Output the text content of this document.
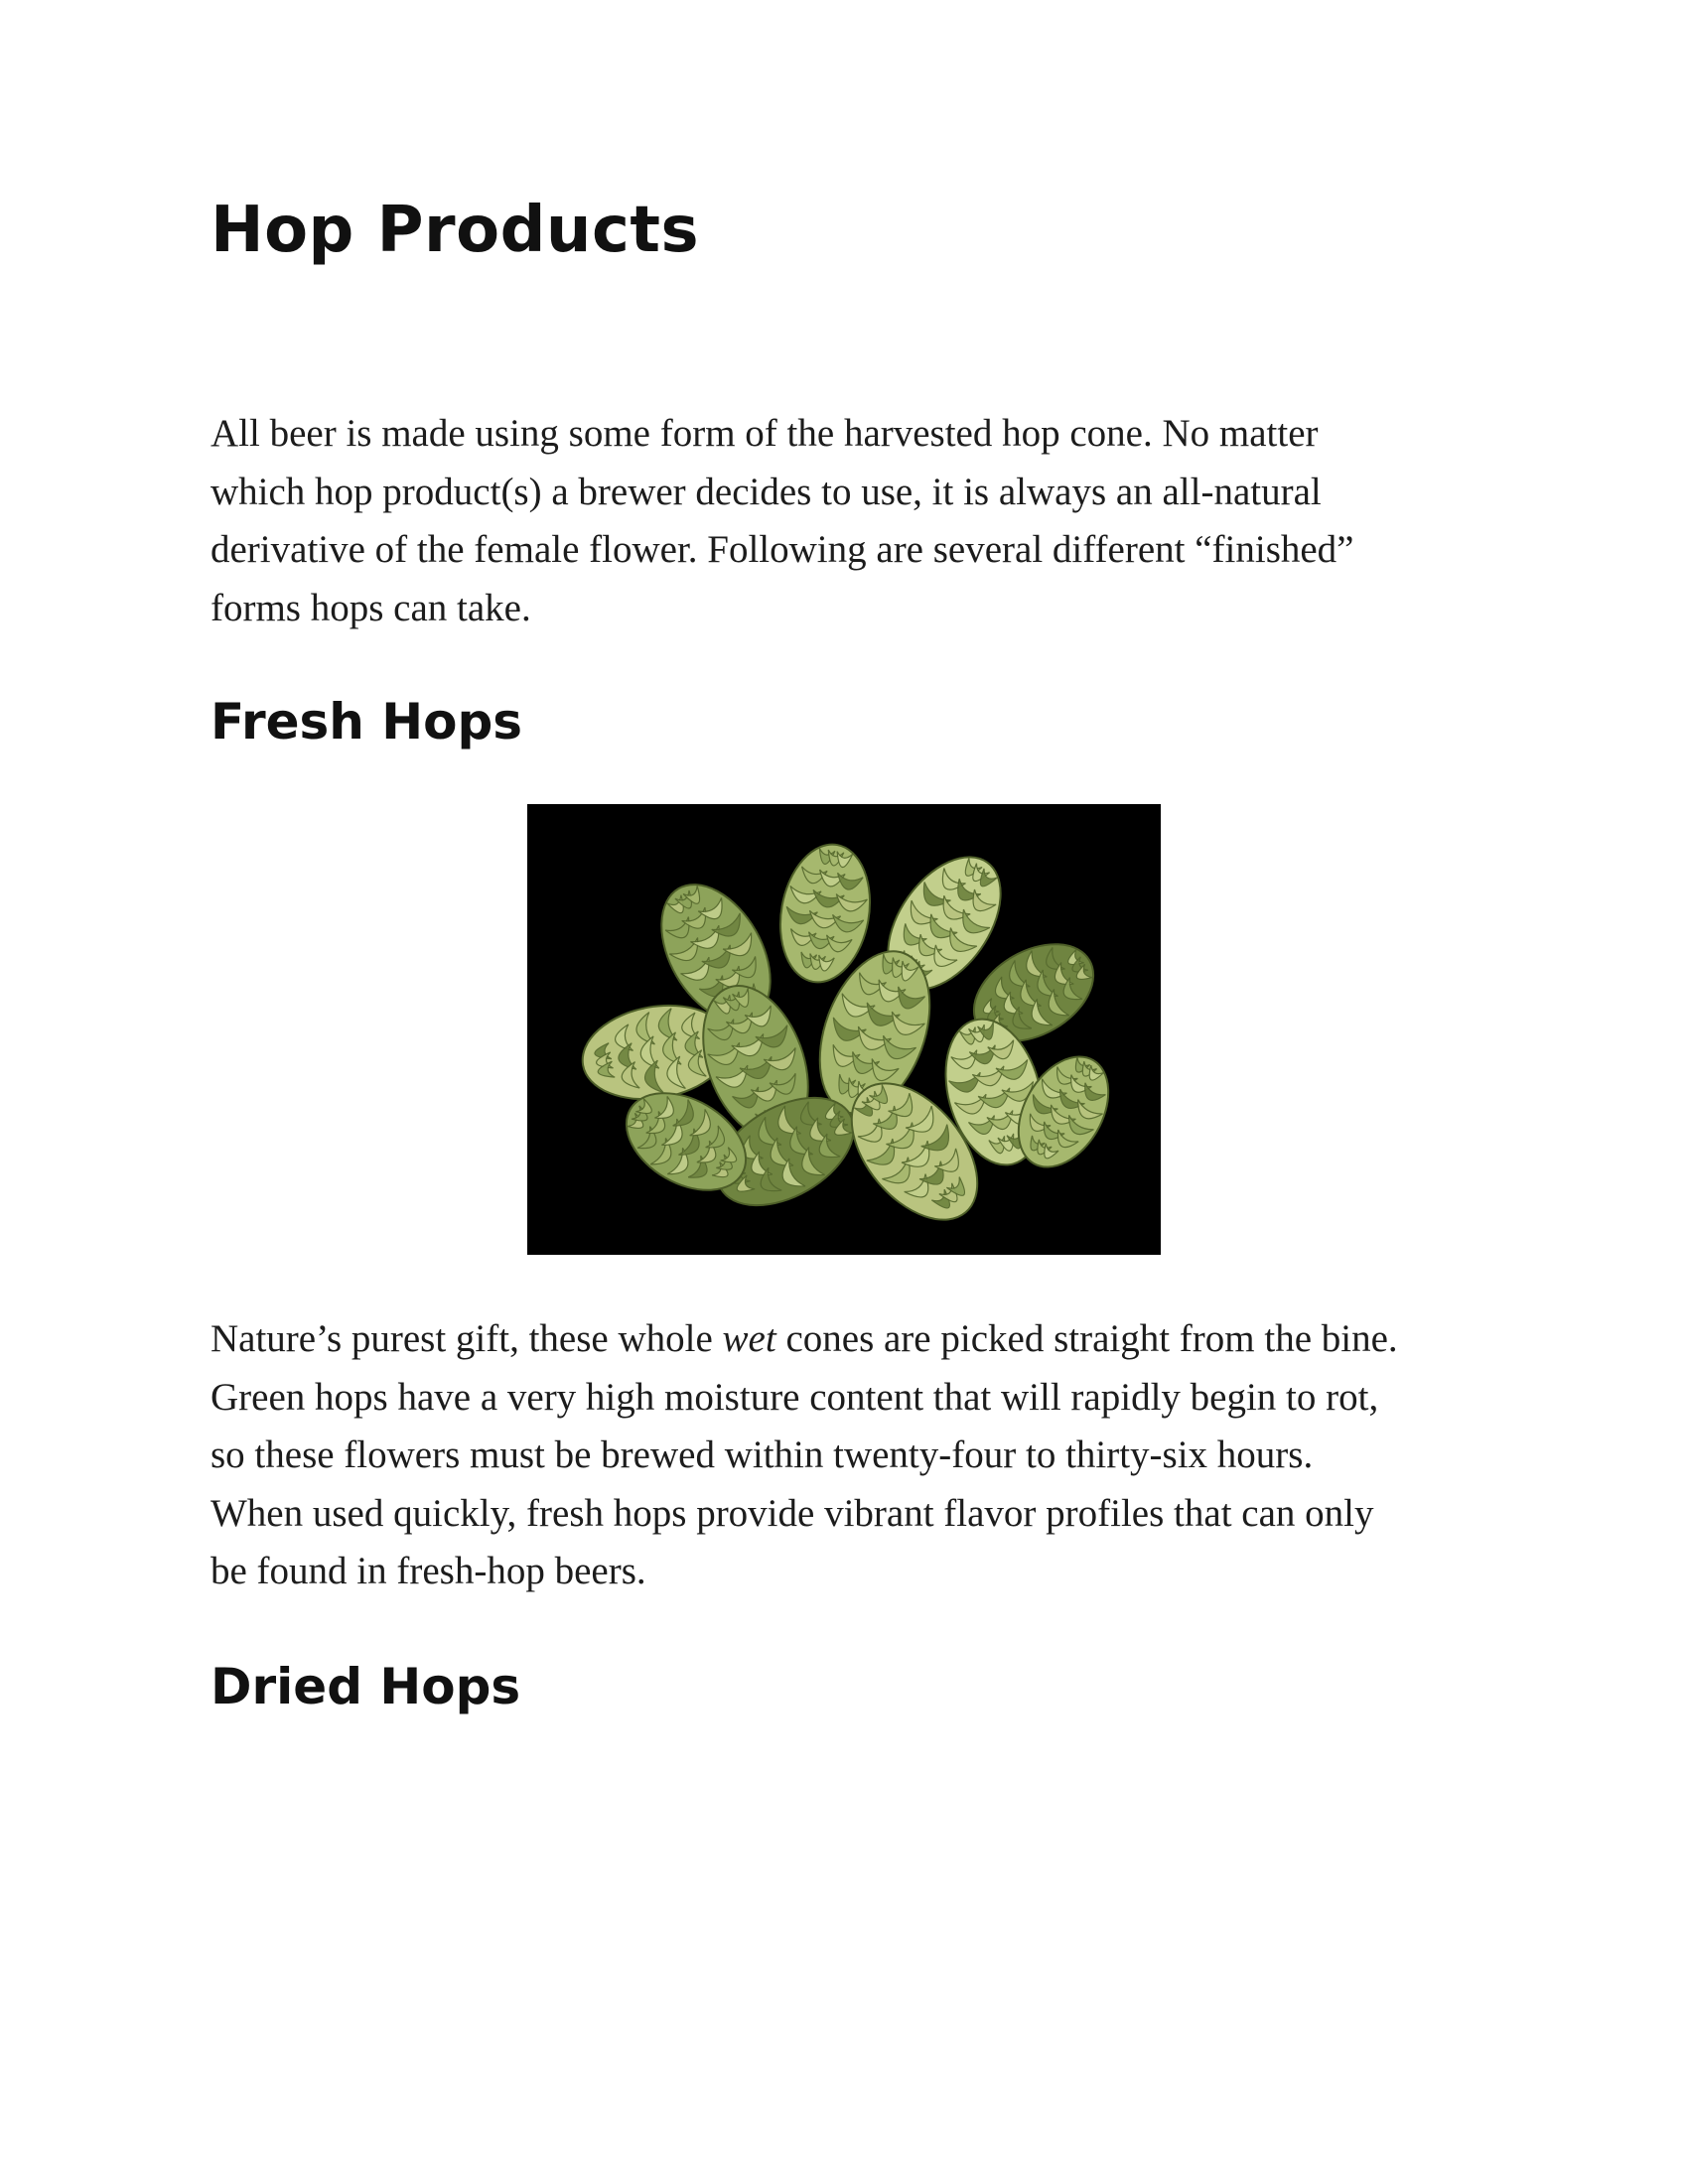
Hop Products

All beer is made using some form of the harvested hop cone. No matter
which hop product(s) a brewer decides to use, it is always an all-natural
derivative of the female flower. Following are several different “finished”
forms hops can take.

Fresh Hops

Nature’s purest gift, these whole wet cones are picked straight from the bine.
Green hops have a very high moisture content that will rapidly begin to rot,
so these flowers must be brewed within twenty-four to thirty-six hours.
When used quickly, fresh hops provide vibrant flavor profiles that can only
be found in fresh-hop beers.

Dried Hops
